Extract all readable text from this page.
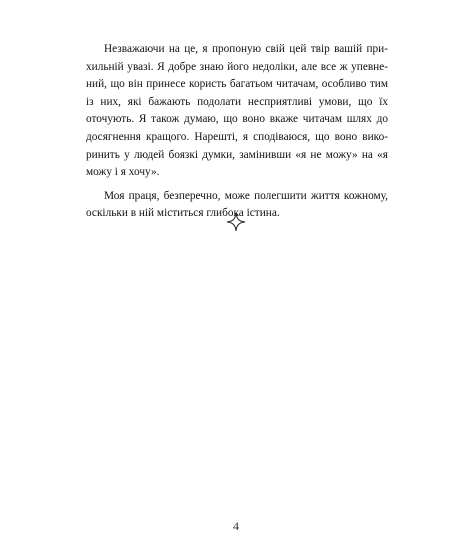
Незважаючи на це, я пропоную свій цей твір вашій прихильній увазі. Я добре знаю його недоліки, але все ж упевнений, що він принесе користь багатьом читачам, особливо тим із них, які бажають подолати несприятливі умови, що їх оточують. Я також думаю, що воно вкаже читачам шлях до досягнення кращого. Нарешті, я сподіваюся, що воно викоринить у людей боязкі думки, замінивши «я не можу» на «я можу і я хочу».

Моя праця, безперечно, може полегшити життя кожному, оскільки в ній міститься глибока істина.

4
